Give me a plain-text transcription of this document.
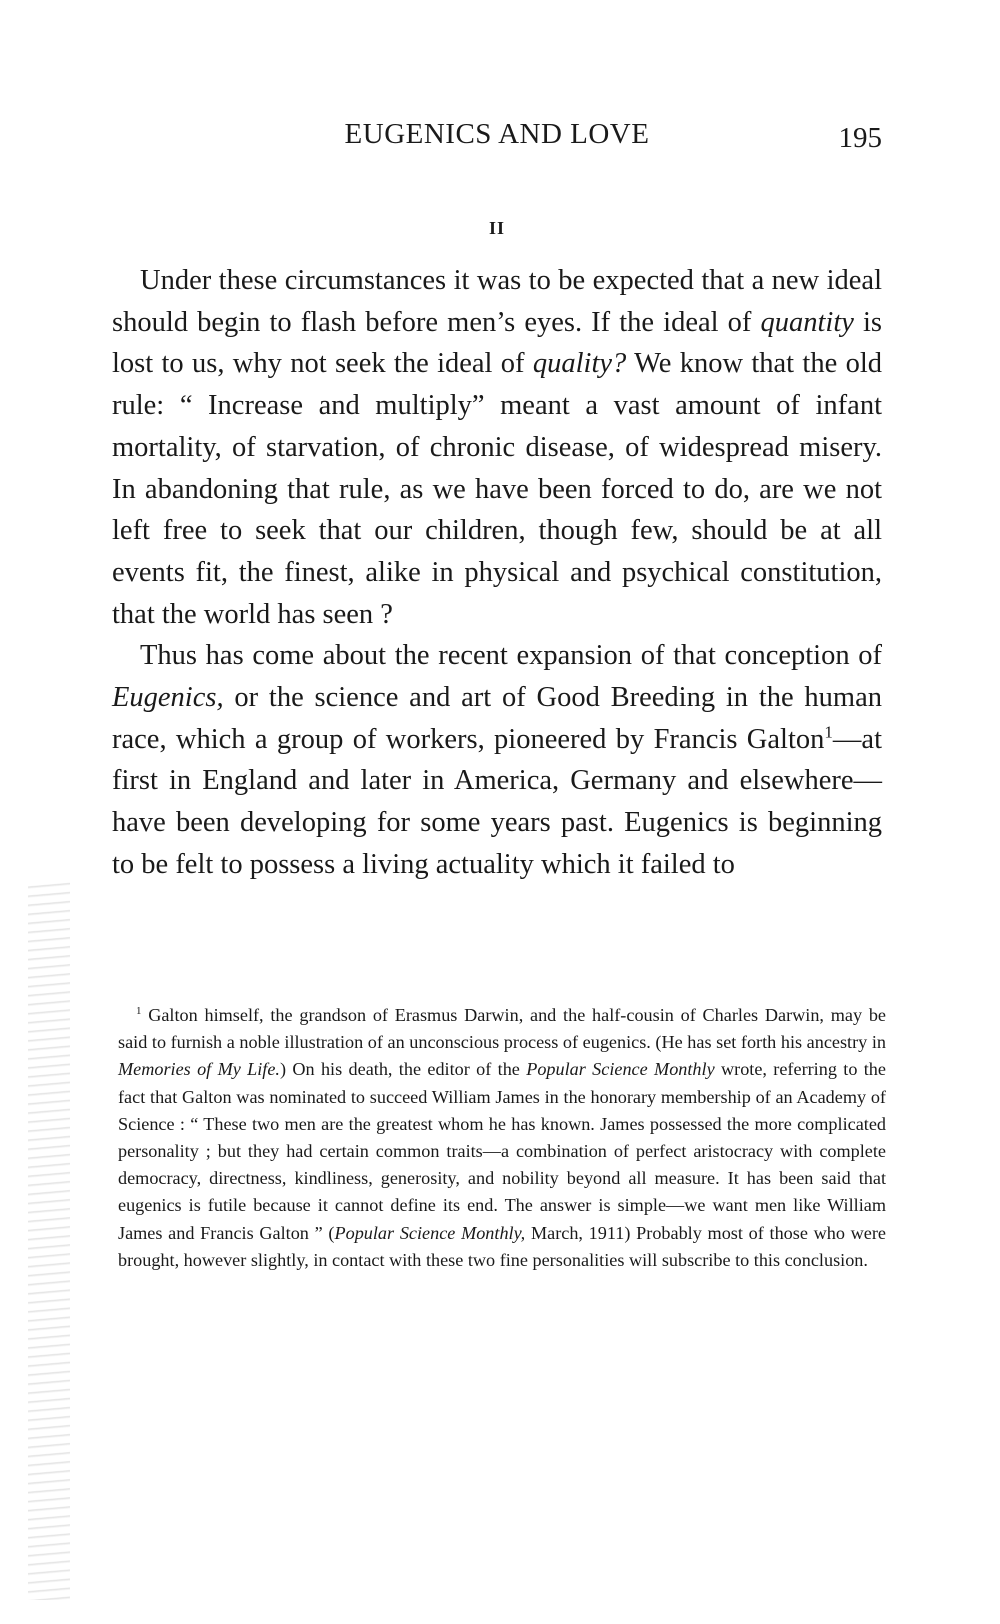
EUGENICS AND LOVE	195
II

Under these circumstances it was to be expected that a new ideal should begin to flash before men’s eyes. If the ideal of quantity is lost to us, why not seek the ideal of quality? We know that the old rule: “ Increase and multiply” meant a vast amount of infant mortality, of starvation, of chronic disease, of widespread misery. In abandoning that rule, as we have been forced to do, are we not left free to seek that our children, though few, should be at all events fit, the finest, alike in physical and psychical constitution, that the world has seen ?

Thus has come about the recent expansion of that conception of Eugenics, or the science and art of Good Breeding in the human race, which a group of workers, pioneered by Francis Galton$^1$—at first in England and later in America, Germany and elsewhere—have been developing for some years past. Eugenics is beginning to be felt to possess a living actuality which it failed to

$^1$ Galton himself, the grandson of Erasmus Darwin, and the half-cousin of Charles Darwin, may be said to furnish a noble illustration of an unconscious process of eugenics. (He has set forth his ancestry in Memories of My Life.) On his death, the editor of the Popular Science Monthly wrote, referring to the fact that Galton was nominated to succeed William James in the honorary membership of an Academy of Science : “ These two men are the greatest whom he has known. James possessed the more complicated personality ; but they had certain common traits—a combination of perfect aristocracy with complete democracy, directness, kindliness, generosity, and nobility beyond all measure. It has been said that eugenics is futile because it cannot define its end. The answer is simple—we want men like William James and Francis Galton ” (Popular Science Monthly, March, 1911) Probably most of those who were brought, however slightly, in contact with these two fine personalities will subscribe to this conclusion.
